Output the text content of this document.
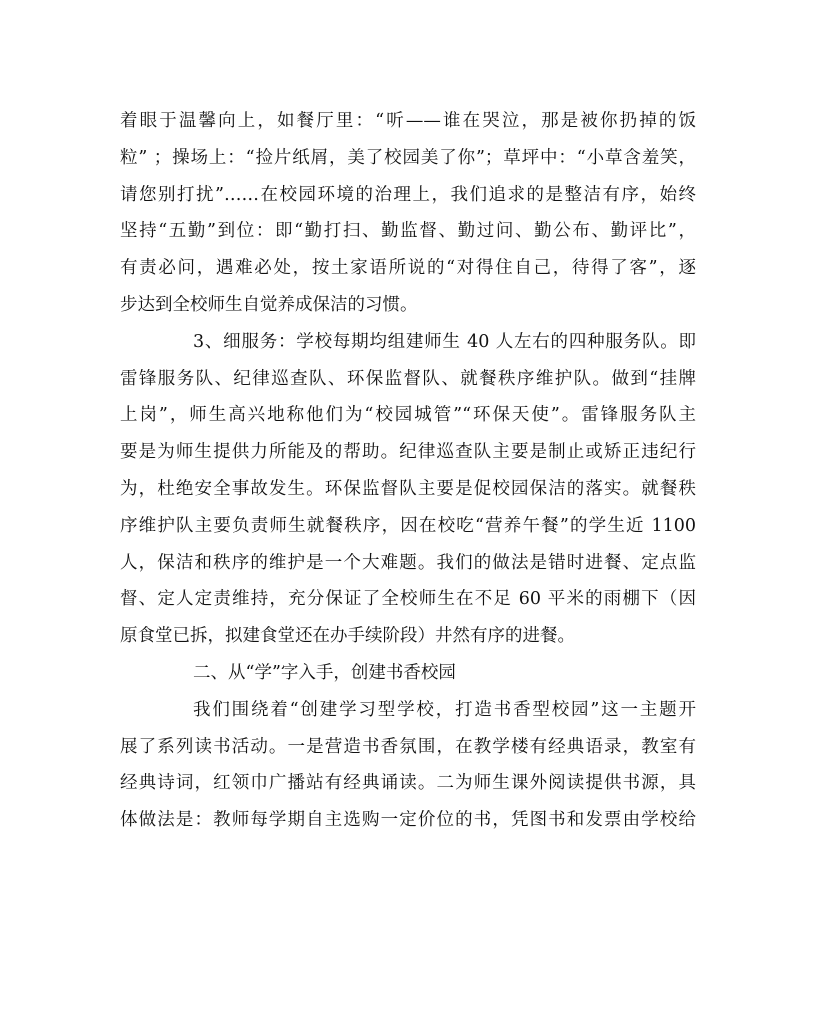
着眼于温馨向上，如餐厅里：“听——谁在哭泣，那是被你扔掉的饭
粒” ；操场上：“捡片纸屑，美了校园美了你”；草坪中：“小草含羞笑，
请您别打扰”……在校园环境的治理上，我们追求的是整洁有序，始终
坚持“五勤”到位：即“勤打扫、勤监督、勤过问、勤公布、勤评比”，
有责必问，遇难必处，按土家语所说的“对得住自己，待得了客”，逐
步达到全校师生自觉养成保洁的习惯。
3、细服务：学校每期均组建师生 40 人左右的四种服务队。即
雷锋服务队、纪律巡查队、环保监督队、就餐秩序维护队。做到“挂牌
上岗”，师生高兴地称他们为“校园城管”“环保天使”。雷锋服务队主
要是为师生提供力所能及的帮助。纪律巡查队主要是制止或矫正违纪行
为，杜绝安全事故发生。环保监督队主要是促校园保洁的落实。就餐秩
序维护队主要负责师生就餐秩序，因在校吃“营养午餐”的学生近 1100
人，保洁和秩序的维护是一个大难题。我们的做法是错时进餐、定点监
督、定人定责维持，充分保证了全校师生在不足 60 平米的雨棚下（因
原食堂已拆，拟建食堂还在办手续阶段）井然有序的进餐。
二、从“学”字入手，创建书香校园
我们围绕着“创建学习型学校，打造书香型校园”这一主题开
展了系列读书活动。一是营造书香氛围，在教学楼有经典语录，教室有
经典诗词，红领巾广播站有经典诵读。二为师生课外阅读提供书源，具
体做法是：教师每学期自主选购一定价位的书，凭图书和发票由学校给
